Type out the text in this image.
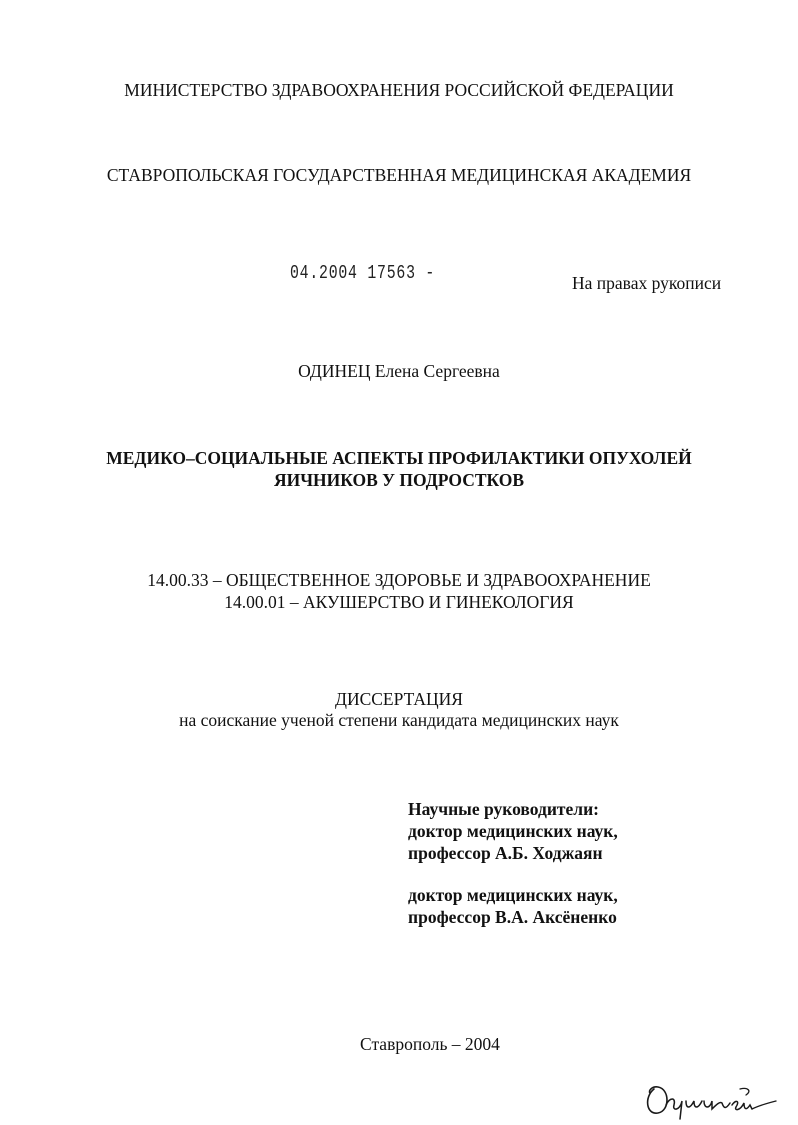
МИНИСТЕРСТВО ЗДРАВООХРАНЕНИЯ РОССИЙСКОЙ ФЕДЕРАЦИИ
СТАВРОПОЛЬСКАЯ ГОСУДАРСТВЕННАЯ МЕДИЦИНСКАЯ АКАДЕМИЯ
04.2004 17563 -	На правах рукописи
ОДИНЕЦ Елена Сергеевна
МЕДИКО–СОЦИАЛЬНЫЕ АСПЕКТЫ ПРОФИЛАКТИКИ ОПУХОЛЕЙ
ЯИЧНИКОВ У ПОДРОСТКОВ
14.00.33 – ОБЩЕСТВЕННОЕ ЗДОРОВЬЕ И ЗДРАВООХРАНЕНИЕ
14.00.01 – АКУШЕРСТВО И ГИНЕКОЛОГИЯ
ДИССЕРТАЦИЯ
на соискание ученой степени кандидата медицинских наук
Научные руководители:
доктор медицинских наук,
профессор А.Б. Ходжаян
доктор медицинских наук,
профессор В.А. Аксёненко
Ставрополь – 2004
